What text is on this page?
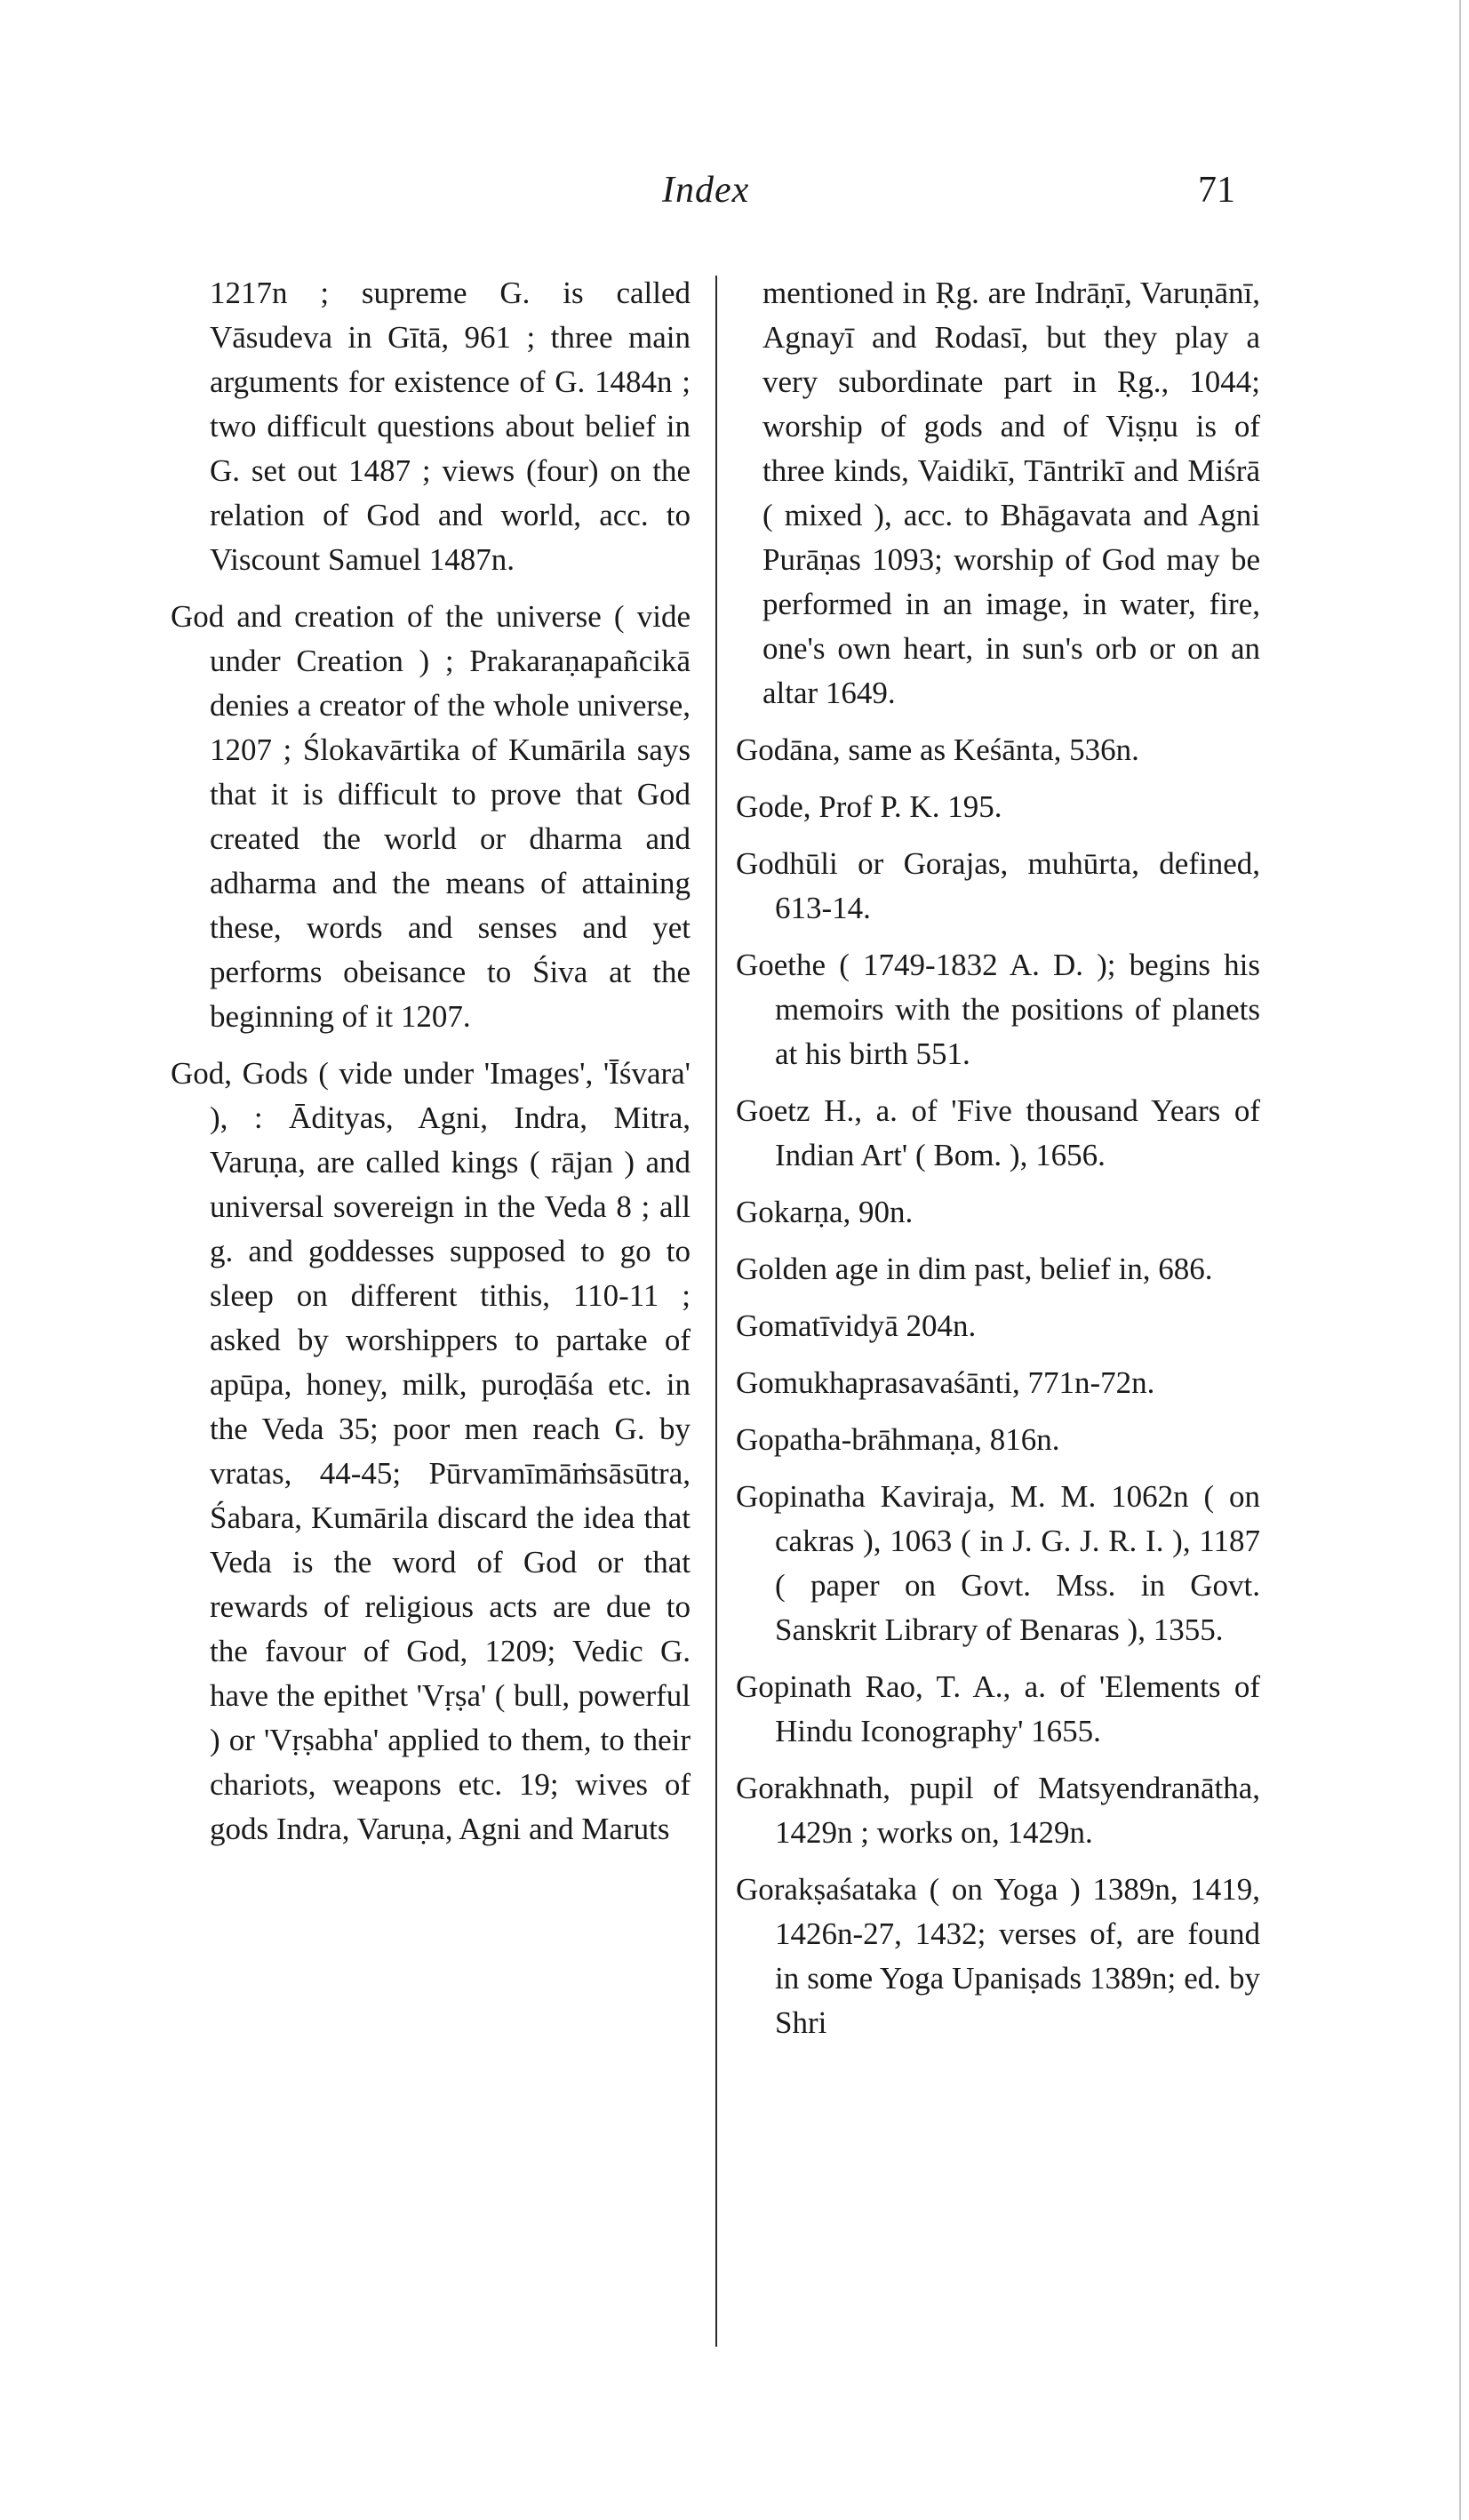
Index	71

1217n ; supreme G. is called Vāsudeva in Gītā, 961 ; three main arguments for existence of G. 1484n ; two difficult questions about belief in G. set out 1487 ; views (four) on the relation of God and world, acc. to Viscount Samuel 1487n.

God and creation of the universe ( vide under Creation ) ; Prakaraṇapañcikā denies a creator of the whole universe, 1207 ; Ślokavārtika of Kumārila says that it is difficult to prove that God created the world or dharma and adharma and the means of attaining these, words and senses and yet performs obeisance to Śiva at the beginning of it 1207.

God, Gods ( vide under 'Images', 'Īśvara' ), : Ādityas, Agni, Indra, Mitra, Varuṇa, are called kings ( rājan ) and universal sovereign in the Veda 8 ; all g. and goddesses supposed to go to sleep on different tithis, 110-11 ; asked by worshippers to partake of apūpa, honey, milk, puroḍāśa etc. in the Veda 35; poor men reach G. by vratas, 44-45; Pūrvamīmāṁsāsūtra, Śabara, Kumārila discard the idea that Veda is the word of God or that rewards of religious acts are due to the favour of God, 1209; Vedic G. have the epithet 'Vṛṣa' ( bull, powerful ) or 'Vṛṣabha' applied to them, to their chariots, weapons etc. 19; wives of gods Indra, Varuṇa, Agni and Maruts

mentioned in Ṛg. are Indrāṇī, Varuṇānī, Agnayī and Rodasī, but they play a very subordinate part in Ṛg., 1044; worship of gods and of Viṣṇu is of three kinds, Vaidikī, Tāntrikī and Miśrā ( mixed ), acc. to Bhāgavata and Agni Purāṇas 1093; worship of God may be performed in an image, in water, fire, one's own heart, in sun's orb or on an altar 1649.

Godāna, same as Keśānta, 536n.

Gode, Prof P. K. 195.

Godhūli or Gorajas, muhūrta, defined, 613-14.

Goethe ( 1749-1832 A. D. ); begins his memoirs with the positions of planets at his birth 551.

Goetz H., a. of 'Five thousand Years of Indian Art' ( Bom. ), 1656.

Gokarṇa, 90n.

Golden age in dim past, belief in, 686.

Gomatīvidyā 204n.

Gomukhaprasavaśānti, 771n-72n.

Gopatha-brāhmaṇa, 816n.

Gopinatha Kaviraja, M. M. 1062n ( on cakras ), 1063 ( in J. G. J. R. I. ), 1187 ( paper on Govt. Mss. in Govt. Sanskrit Library of Benaras ), 1355.

Gopinath Rao, T. A., a. of 'Elements of Hindu Iconography' 1655.

Gorakhnath, pupil of Matsyendranātha, 1429n ; works on, 1429n.

Gorakṣaśataka ( on Yoga ) 1389n, 1419, 1426n-27, 1432; verses of, are found in some Yoga Upaniṣads 1389n; ed. by Shri
